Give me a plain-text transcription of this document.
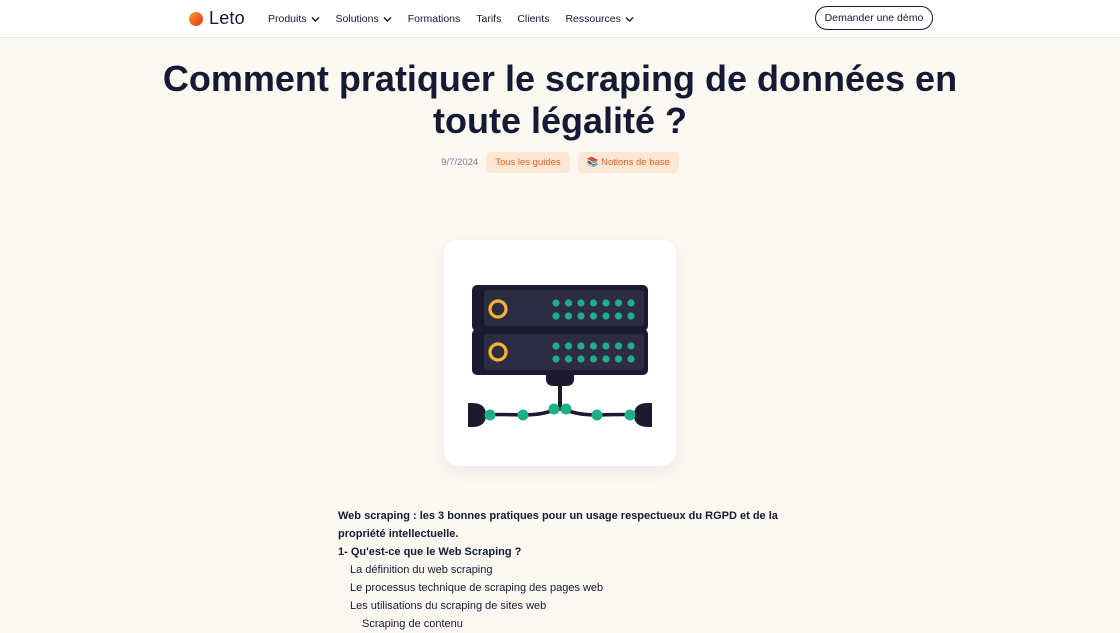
Leto Produits	Solutions	Formations Tarifs Clients Ressources	Demander une démo
Comment pratiquer le scraping de données en toute légalité ?
9/7/2024	Tous les guides	📚 Notions de base

Web scraping : les 3 bonnes pratiques pour un usage respectueux du RGPD et de la propriété intellectuelle.

1- Qu'est-ce que le Web Scraping ?

La définition du web scraping

Le processus technique de scraping des pages web

Les utilisations du scraping de sites web

Scraping de contenu
